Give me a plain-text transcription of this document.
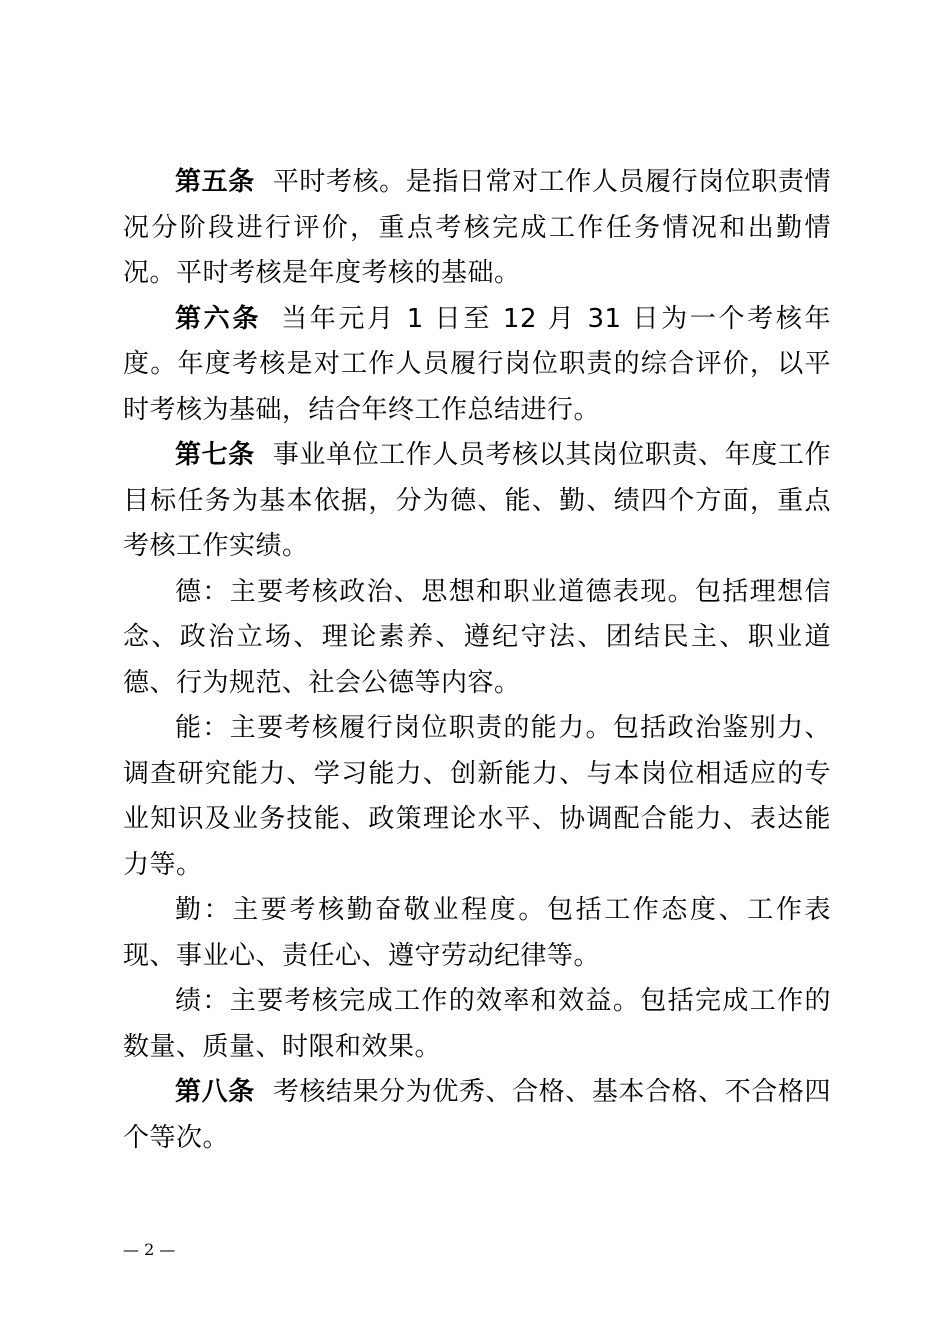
第五条 平时考核。是指日常对工作人员履行岗位职责情况分阶段进行评价，重点考核完成工作任务情况和出勤情况。平时考核是年度考核的基础。

第六条 当年元月 1 日至 12 月 31 日为一个考核年度。年度考核是对工作人员履行岗位职责的综合评价，以平时考核为基础，结合年终工作总结进行。

第七条 事业单位工作人员考核以其岗位职责、年度工作目标任务为基本依据，分为德、能、勤、绩四个方面，重点考核工作实绩。

德：主要考核政治、思想和职业道德表现。包括理想信念、政治立场、理论素养、遵纪守法、团结民主、职业道德、行为规范、社会公德等内容。

能：主要考核履行岗位职责的能力。包括政治鉴别力、调查研究能力、学习能力、创新能力、与本岗位相适应的专业知识及业务技能、政策理论水平、协调配合能力、表达能力等。

勤：主要考核勤奋敬业程度。包括工作态度、工作表现、事业心、责任心、遵守劳动纪律等。

绩：主要考核完成工作的效率和效益。包括完成工作的数量、质量、时限和效果。

第八条 考核结果分为优秀、合格、基本合格、不合格四个等次。

— 2 —
